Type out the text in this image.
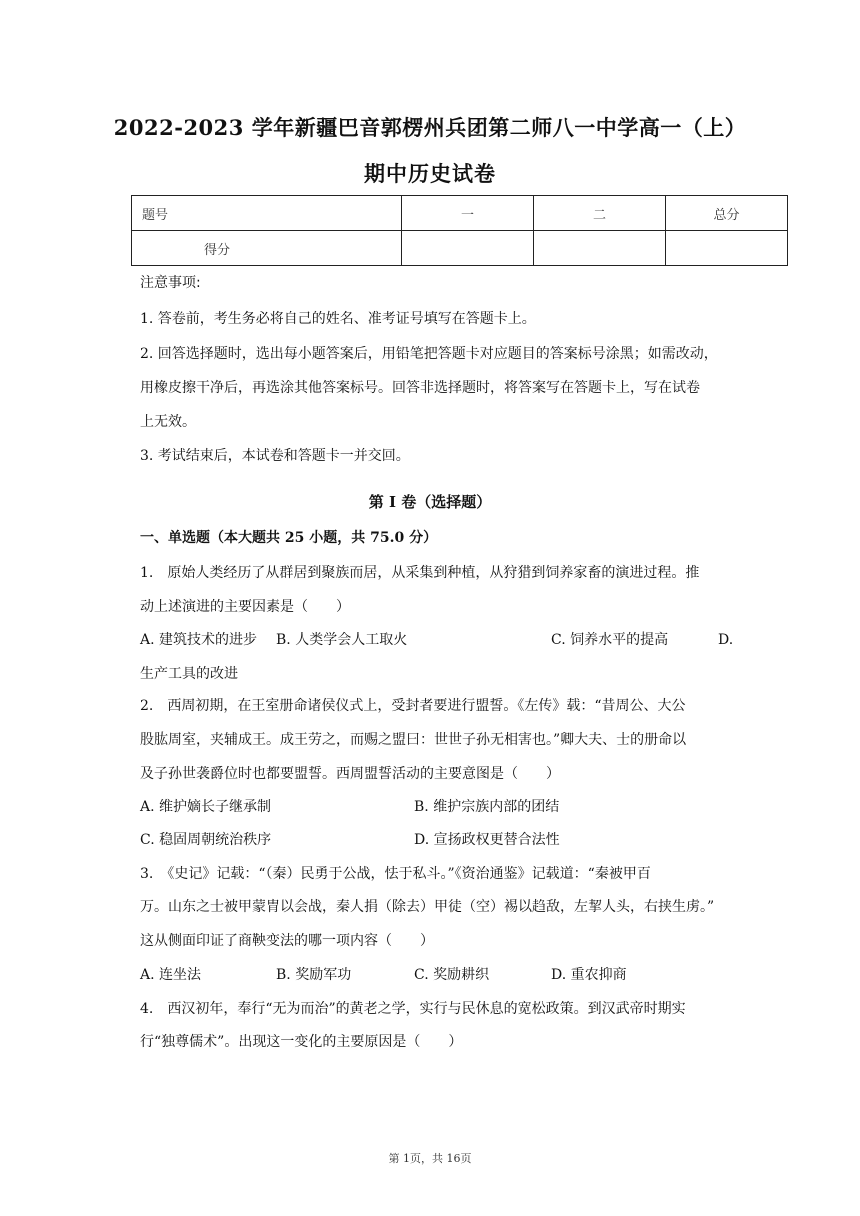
2022-2023 学年新疆巴音郭楞州兵团第二师八一中学高一（上）
期中历史试卷
题号	一	二	总分
得分			
注意事项:
1. 答卷前，考生务必将自己的姓名、准考证号填写在答题卡上。
2. 回答选择题时，选出每小题答案后，用铅笔把答题卡对应题目的答案标号涂黑；如需改动，
用橡皮擦干净后，再选涂其他答案标号。回答非选择题时，将答案写在答题卡上，写在试卷
上无效。
3. 考试结束后，本试卷和答题卡一并交回。
第 I 卷（选择题）
一、单选题（本大题共 25 小题，共 75.0 分）
1.　原始人类经历了从群居到聚族而居，从采集到种植，从狩猎到饲养家畜的演进过程。推
动上述演进的主要因素是（　　）
A. 建筑技术的进步 B. 人类学会人工取火	C. 饲养水平的提高	D.
生产工具的改进
2.　西周初期，在王室册命诸侯仪式上，受封者要进行盟誓。《左传》载：“昔周公、大公
股肱周室，夹辅成王。成王劳之，而赐之盟曰：世世子孙无相害也。”卿大夫、士的册命以
及子孙世袭爵位时也都要盟誓。西周盟誓活动的主要意图是（　　）
A. 维护嫡长子继承制	B. 维护宗族内部的团结
C. 稳固周朝统治秩序	D. 宣扬政权更替合法性
3.　《史记》记载：“（秦）民勇于公战，怯于私斗。”《资治通鉴》记载道：“秦被甲百
万。山东之士被甲蒙胄以会战，秦人捐（除去）甲徒（空）裼以趋敌，左挈人头，右挟生虏。”
这从侧面印证了商鞅变法的哪一项内容（　　）
A. 连坐法	B. 奖励军功	C. 奖励耕织	D. 重农抑商
4.　西汉初年，奉行“无为而治”的黄老之学，实行与民休息的宽松政策。到汉武帝时期实
行“独尊儒术”。出现这一变化的主要原因是（　　）
第 1页，共 16页
